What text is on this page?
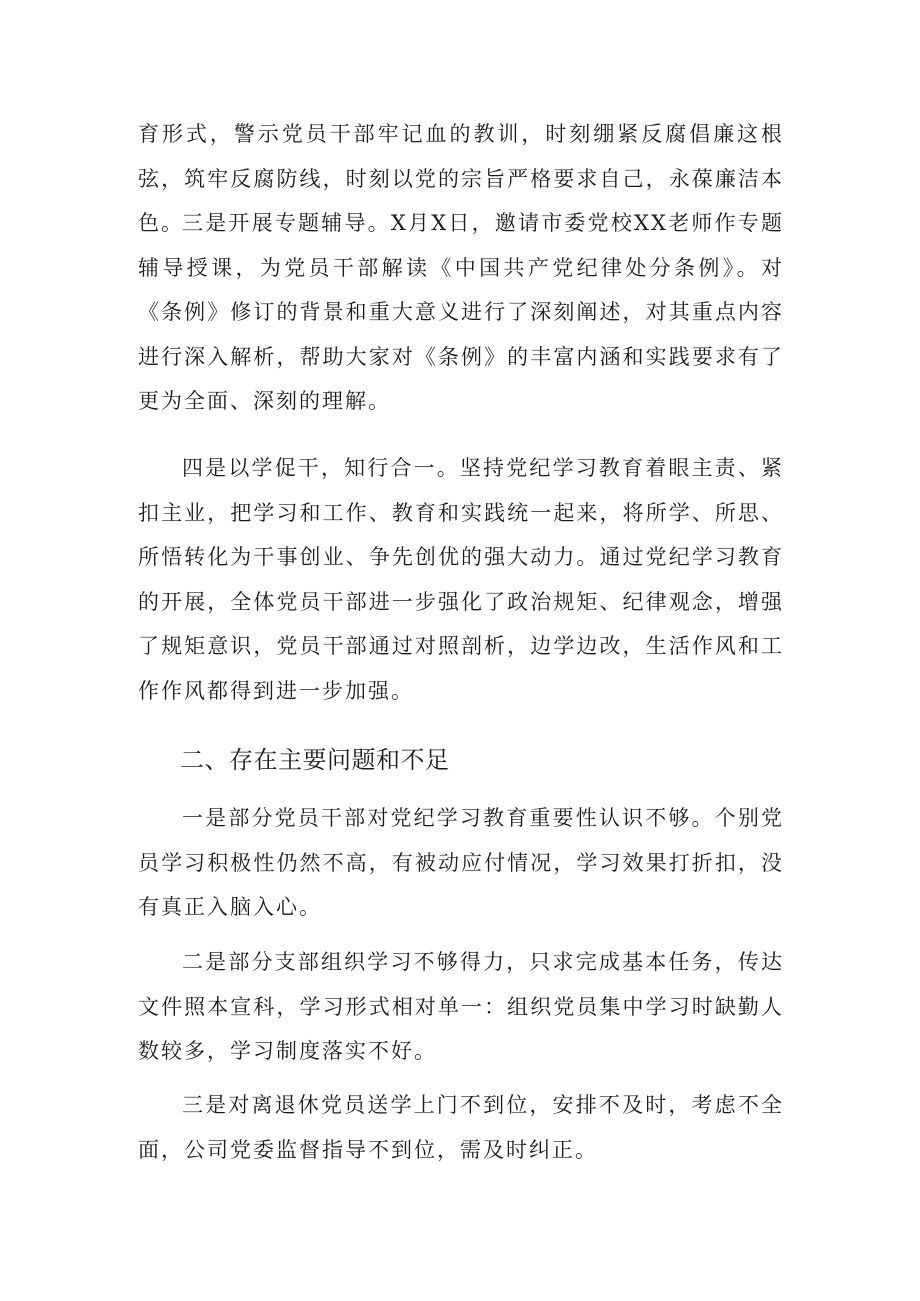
育形式，警示党员干部牢记血的教训，时刻绷紧反腐倡廉这根弦，筑牢反腐防线，时刻以党的宗旨严格要求自己，永葆廉洁本色。

三是开展专题辅导。X月X日，邀请市委党校XX老师作专题辅导授课，为党员干部解读《中国共产党纪律处分条例》。对《条例》修订的背景和重大意义进行了深刻阐述，对其重点内容进行深入解析，帮助大家对《条例》的丰富内涵和实践要求有了更为全面、深刻的理解。

四是以学促干，知行合一。坚持党纪学习教育着眼主责、紧扣主业，把学习和工作、教育和实践统一起来，将所学、所思、所悟转化为干事创业、争先创优的强大动力。通过党纪学习教育的开展，全体党员干部进一步强化了政治规矩、纪律观念，增强了规矩意识，党员干部通过对照剖析，边学边改，生活作风和工作作风都得到进一步加强。

二、存在主要问题和不足

一是部分党员干部对党纪学习教育重要性认识不够。个别党员学习积极性仍然不高，有被动应付情况，学习效果打折扣，没有真正入脑入心。

二是部分支部组织学习不够得力，只求完成基本任务，传达文件照本宣科，学习形式相对单一：组织党员集中学习时缺勤人数较多，学习制度落实不好。

三是对离退休党员送学上门不到位，安排不及时，考虑不全面，公司党委监督指导不到位，需及时纠正。
